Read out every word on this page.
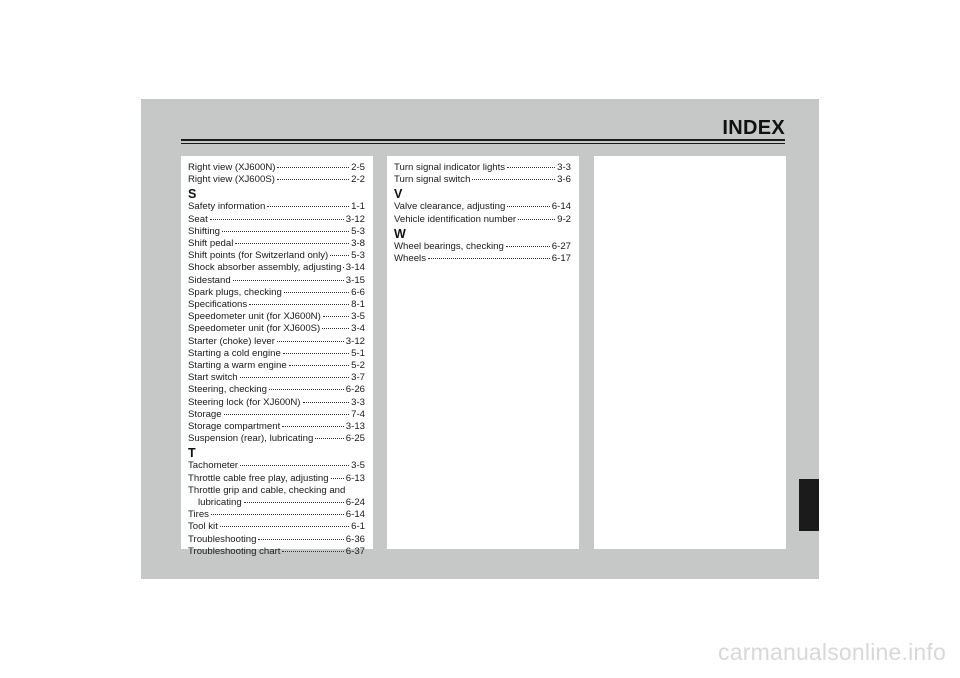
INDEX
Right view (XJ600N)	2-5
Right view (XJ600S)	2-2
S
Safety information	1-1
Seat	3-12
Shifting	5-3
Shift pedal	3-8
Shift points (for Switzerland only) 5-3
Shock absorber assembly, adjusting 3-14
Sidestand	3-15
Spark plugs, checking	6-6
Specifications	8-1
Speedometer unit (for XJ600N)	3-5
Speedometer unit (for XJ600S)	3-4
Starter (choke) lever	3-12
Starting a cold engine	5-1
Starting a warm engine	5-2
Start switch	3-7
Steering, checking	6-26
Steering lock (for XJ600N)	3-3
Storage	7-4
Storage compartment	3-13
Suspension (rear), lubricating	6-25
T
Tachometer	3-5
Throttle cable free play, adjusting 6-13
Throttle grip and cable, checking and
lubricating	6-24
Tires	6-14
Tool kit	6-1
Troubleshooting	6-36
Troubleshooting chart	6-37
Turn signal indicator lights	3-3
Turn signal switch	3-6
V
Valve clearance, adjusting	6-14
Vehicle identification number	9-2
W
Wheel bearings, checking	6-27
Wheels	6-17
carmanualsonline.info
